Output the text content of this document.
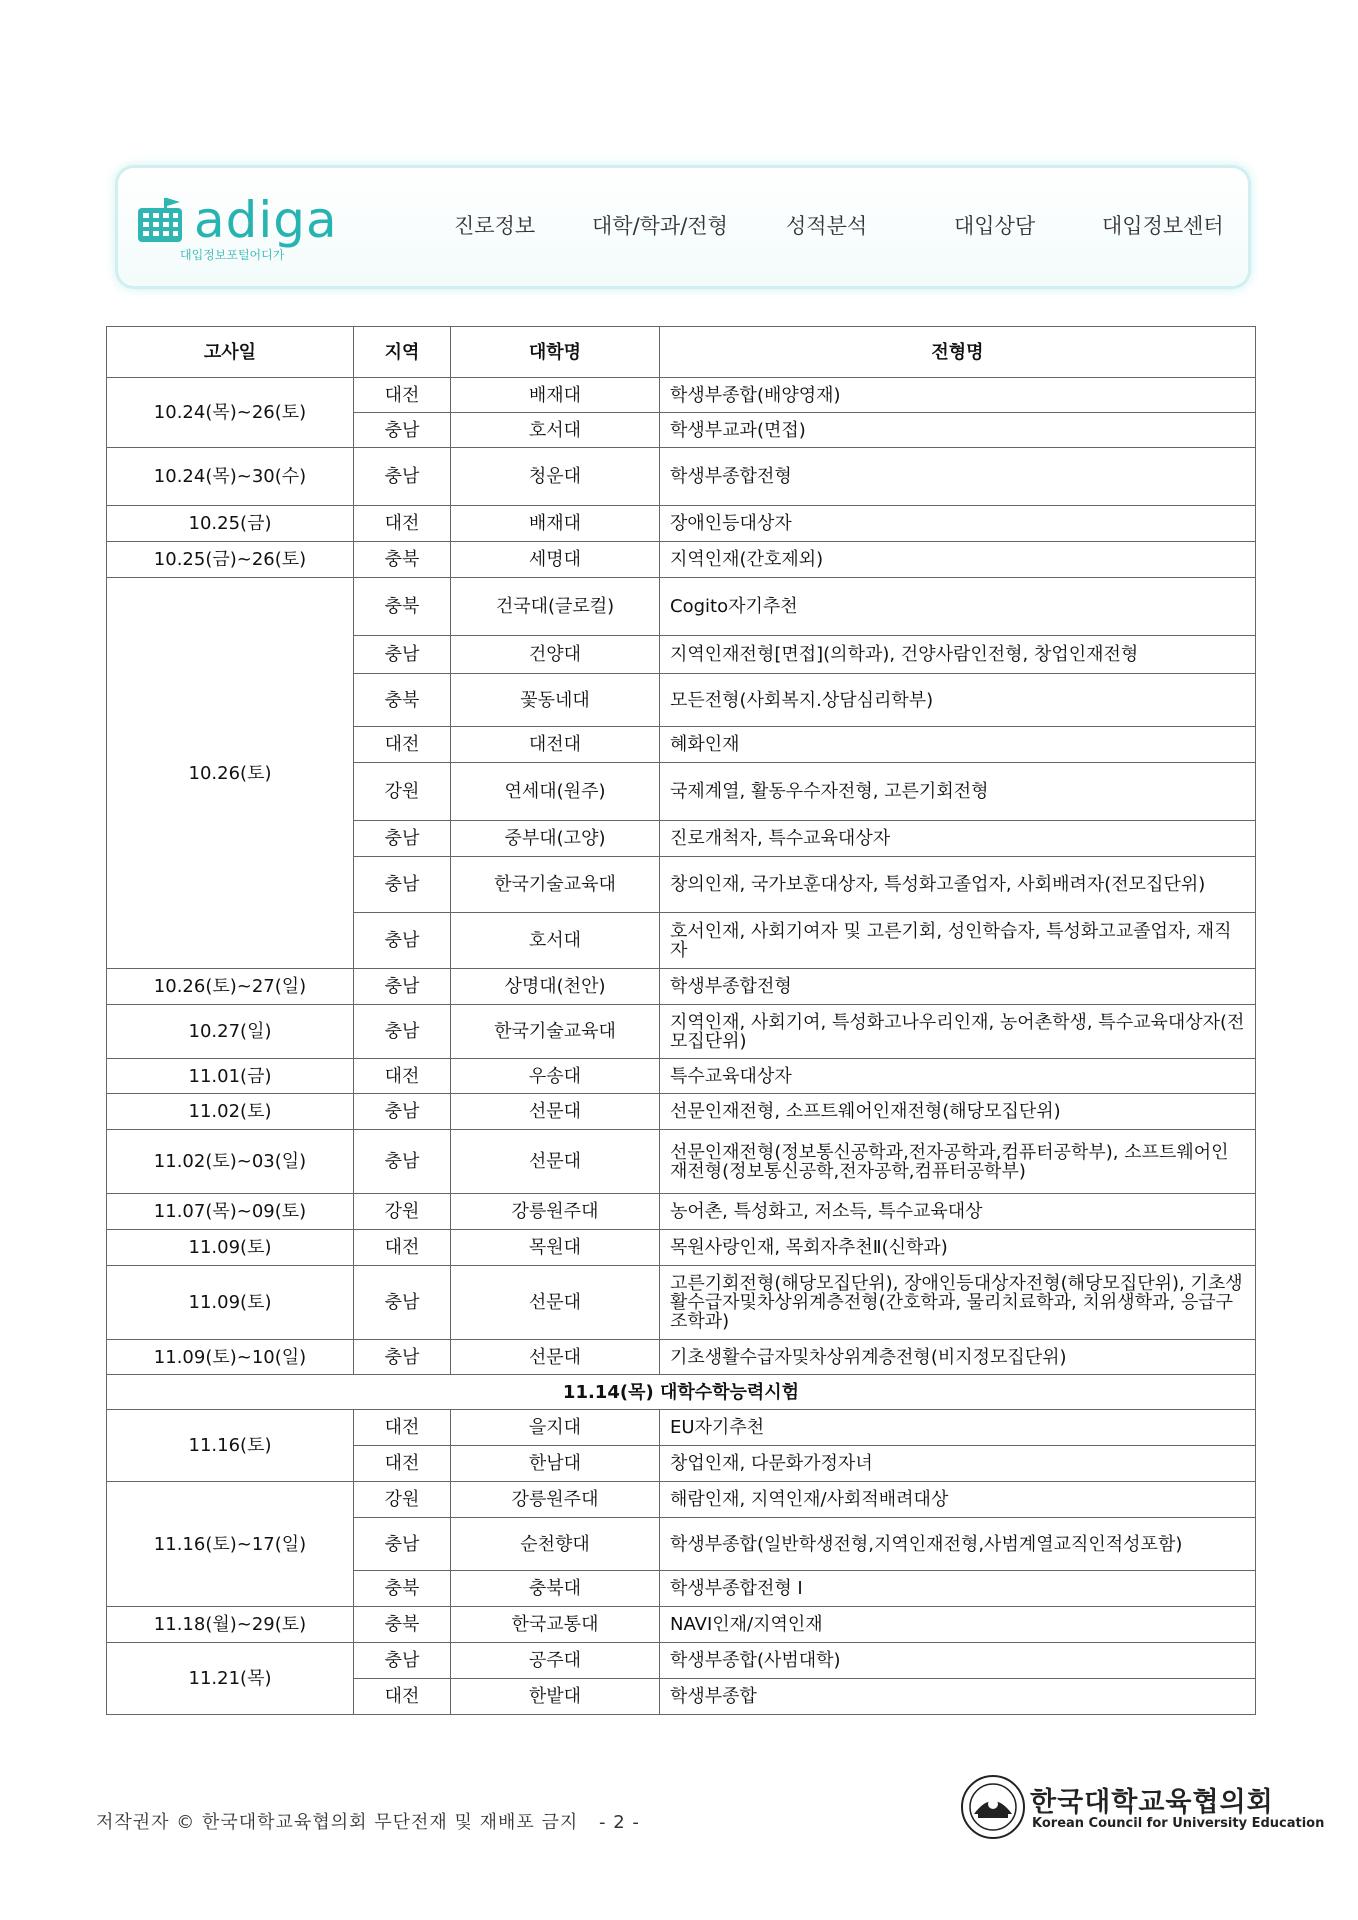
adiga
대입정보포털어디가
진로정보	대학/학과/전형	성적분석	대입상담	대입정보센터
고사일	지역	대학명	전형명
10.24(목)~26(토)	대전	배재대	학생부종합(배양영재)
	충남	호서대	학생부교과(면접)
10.24(목)~30(수)	충남	청운대	학생부종합전형
10.25(금)	대전	배재대	장애인등대상자
10.25(금)~26(토)	충북	세명대	지역인재(간호제외)
10.26(토)	충북	건국대(글로컬)	Cogito자기추천
	충남	건양대	지역인재전형[면접](의학과), 건양사람인전형, 창업인재전형
	충북	꽃동네대	모든전형(사회복지.상담심리학부)
	대전	대전대	혜화인재
	강원	연세대(원주)	국제계열, 활동우수자전형, 고른기회전형
	충남	중부대(고양)	진로개척자, 특수교육대상자
	충남	한국기술교육대	창의인재, 국가보훈대상자, 특성화고졸업자, 사회배려자(전모집단위)
	충남	호서대	호서인재, 사회기여자 및 고른기회, 성인학습자, 특성화고교졸업자, 재직자
10.26(토)~27(일)	충남	상명대(천안)	학생부종합전형
10.27(일)	충남	한국기술교육대	지역인재, 사회기여, 특성화고나우리인재, 농어촌학생, 특수교육대상자(전모집단위)
11.01(금)	대전	우송대	특수교육대상자
11.02(토)	충남	선문대	선문인재전형, 소프트웨어인재전형(해당모집단위)
11.02(토)~03(일)	충남	선문대	선문인재전형(정보통신공학과,전자공학과,컴퓨터공학부), 소프트웨어인재전형(정보통신공학,전자공학,컴퓨터공학부)
11.07(목)~09(토)	강원	강릉원주대	농어촌, 특성화고, 저소득, 특수교육대상
11.09(토)	대전	목원대	목원사랑인재, 목회자추천Ⅱ(신학과)
11.09(토)	충남	선문대	고른기회전형(해당모집단위), 장애인등대상자전형(해당모집단위), 기초생활수급자및차상위계층전형(간호학과, 물리치료학과, 치위생학과, 응급구조학과)
11.09(토)~10(일)	충남	선문대	기초생활수급자및차상위계층전형(비지정모집단위)
11.14(목) 대학수학능력시험			
11.16(토)	대전	을지대	EU자기추천
	대전	한남대	창업인재, 다문화가정자녀
11.16(토)~17(일)	강원	강릉원주대	해람인재, 지역인재/사회적배려대상
	충남	순천향대	학생부종합(일반학생전형,지역인재전형,사범계열교직인적성포함)
	충북	충북대	학생부종합전형 I
11.18(월)~29(토)	충북	한국교통대	NAVI인재/지역인재
11.21(목)	충남	공주대	학생부종합(사범대학)
	대전	한밭대	학생부종합
저작권자 © 한국대학교육협의회 무단전재 및 재배포 금지 - 2 -
한국대학교육협의회
Korean Council for University Education
